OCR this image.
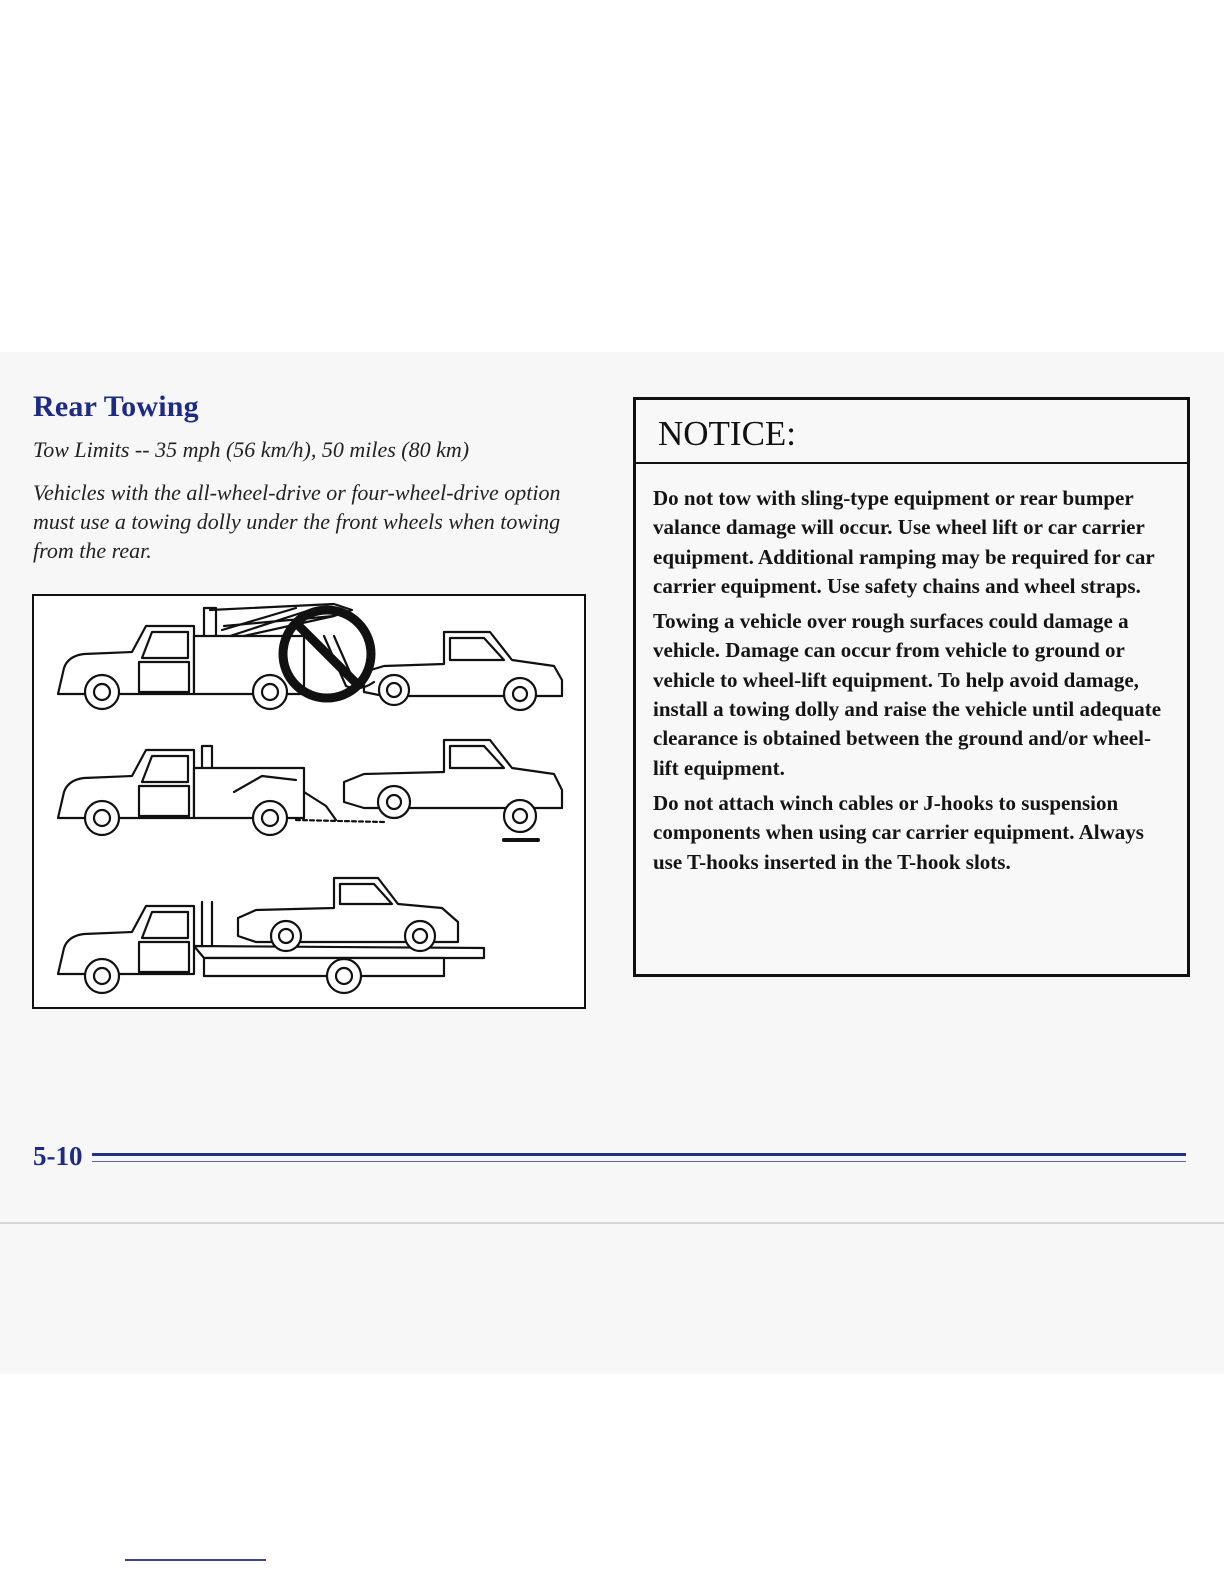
Rear Towing
Tow Limits -- 35 mph (56 km/h), 50 miles (80 km)
Vehicles with the all-wheel-drive or four-wheel-drive option must use a towing dolly under the front wheels when towing from the rear.
NOTICE:

Do not tow with sling-type equipment or rear bumper valance damage will occur. Use wheel lift or car carrier equipment. Additional ramping may be required for car carrier equipment. Use safety chains and wheel straps.

Towing a vehicle over rough surfaces could damage a vehicle. Damage can occur from vehicle to ground or vehicle to wheel-lift equipment. To help avoid damage, install a towing dolly and raise the vehicle until adequate clearance is obtained between the ground and/or wheel-lift equipment.

Do not attach winch cables or J-hooks to suspension components when using car carrier equipment. Always use T-hooks inserted in the T-hook slots.

5-10
